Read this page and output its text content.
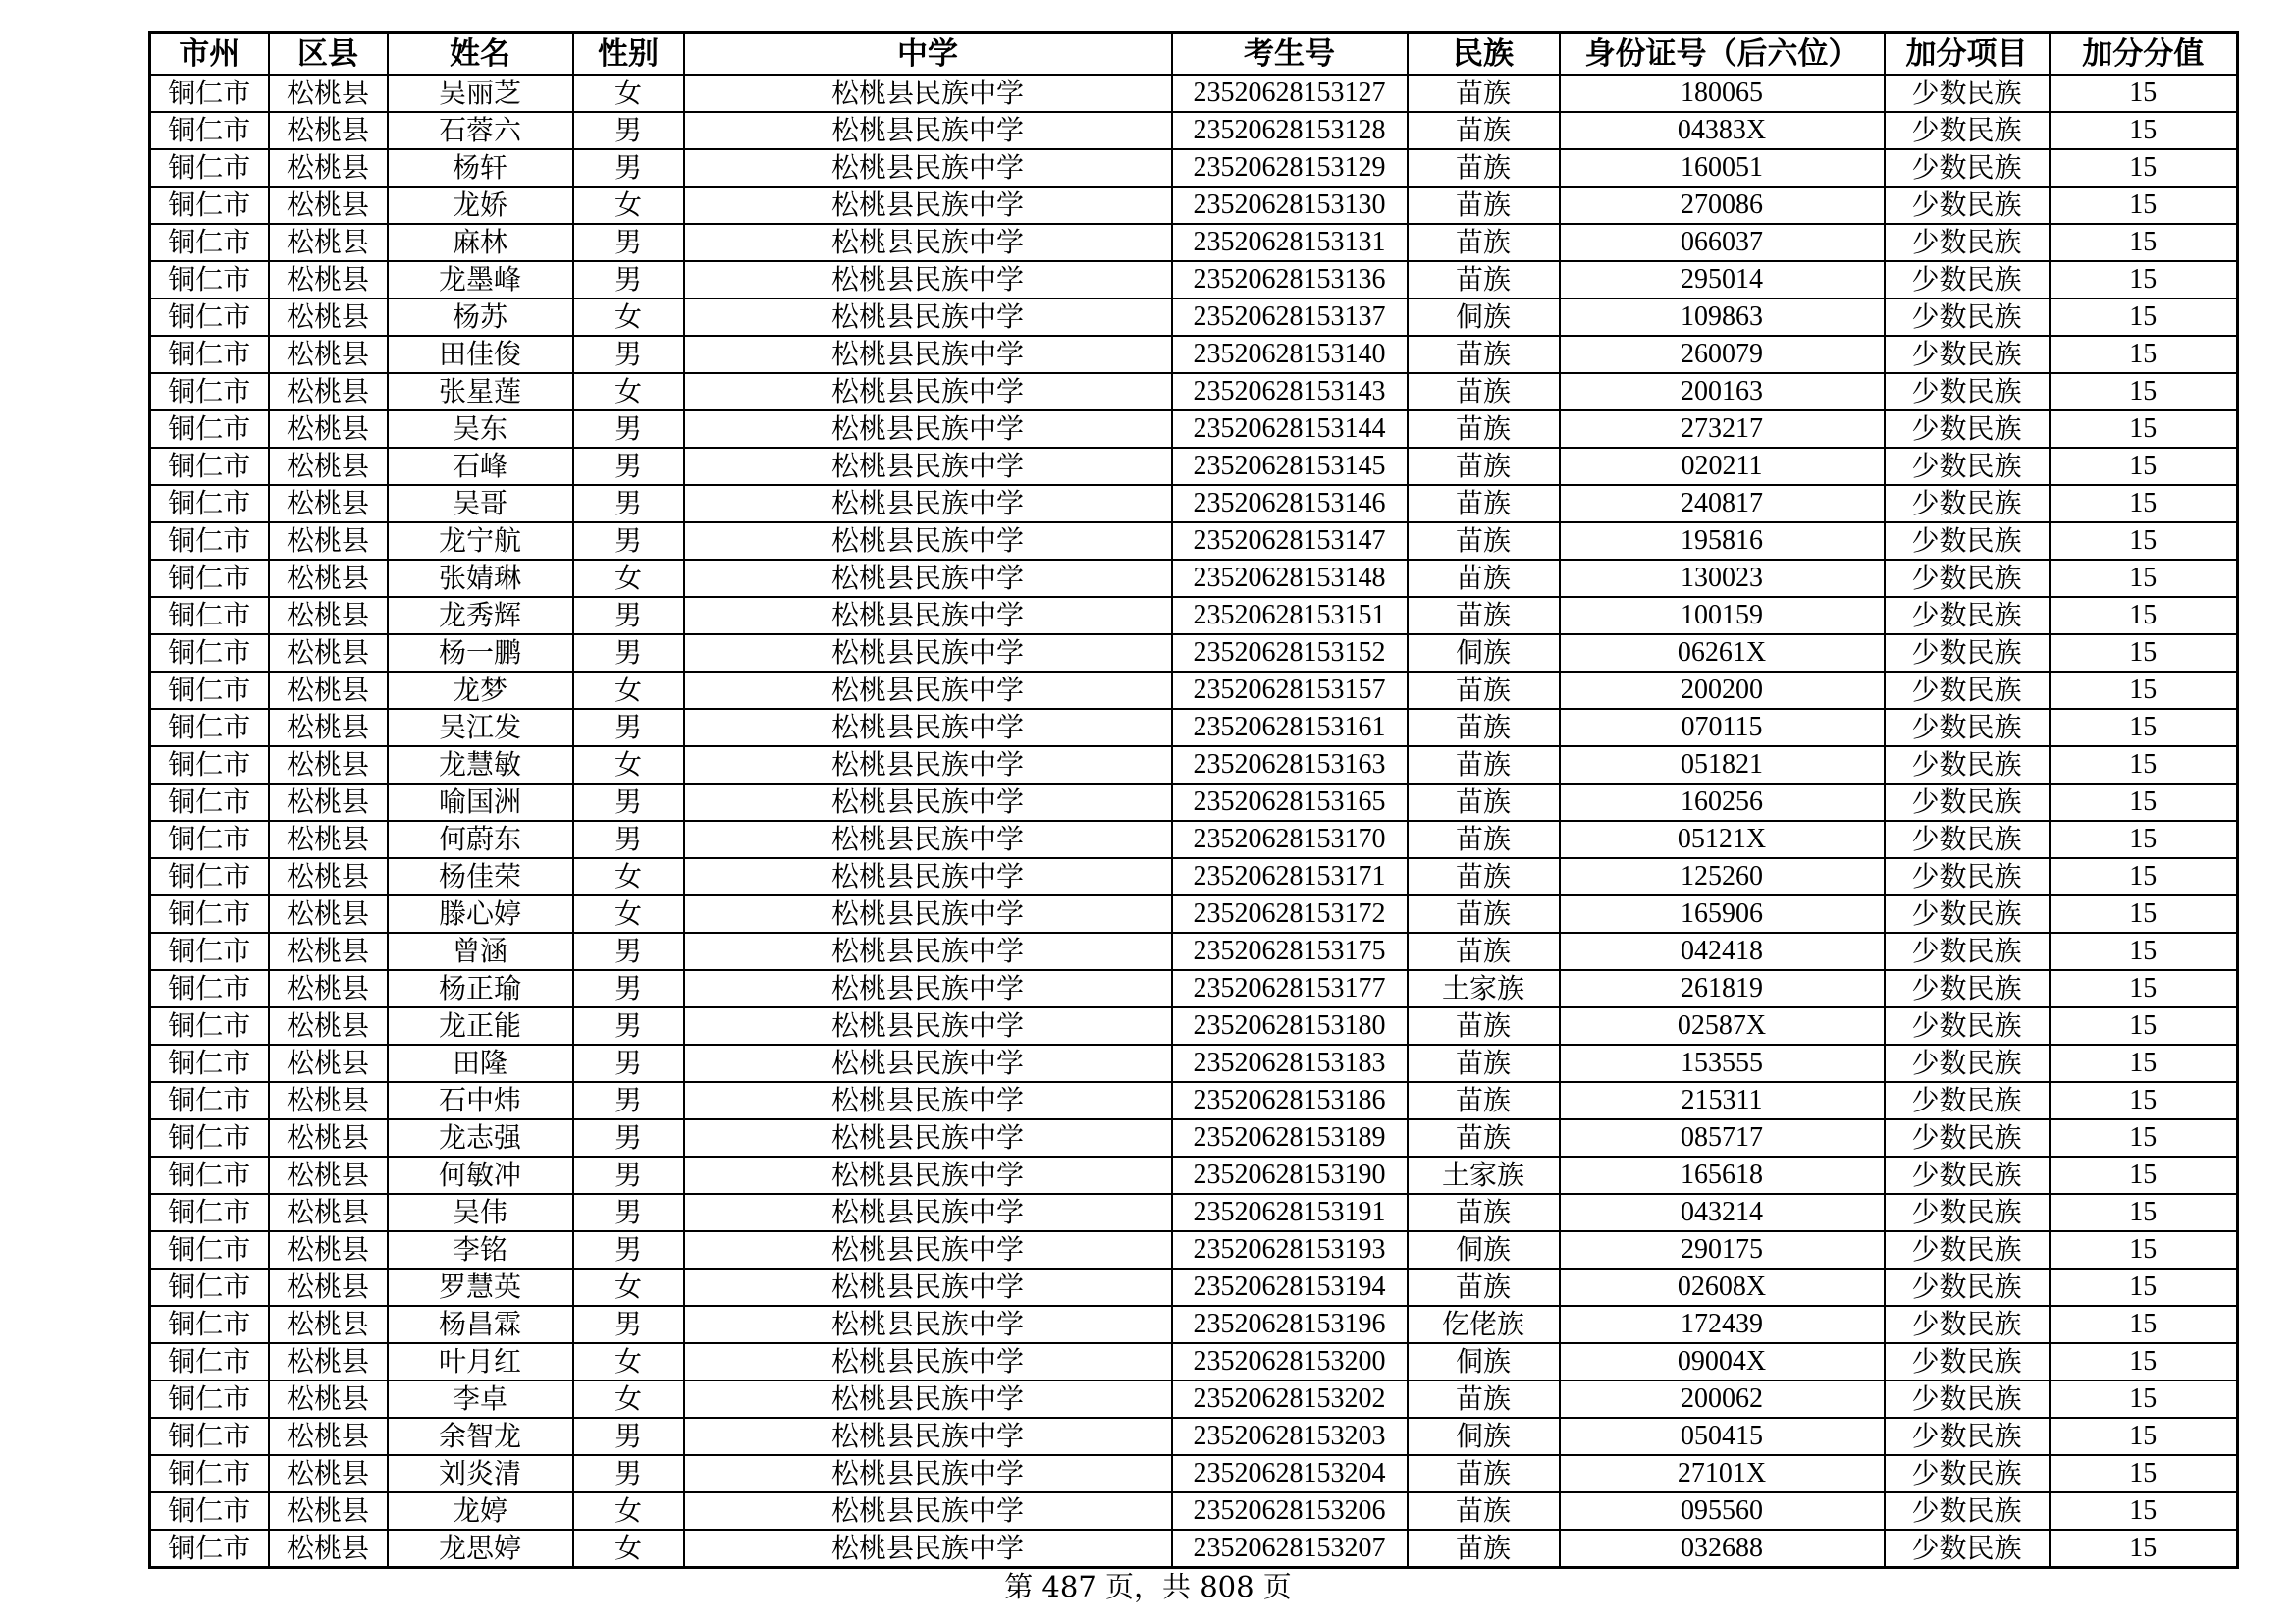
市州	区县	姓名	性别	中学	考生号	民族	身份证号（后六位）	加分项目	加分分值
铜仁市	松桃县	吴丽芝	女	松桃县民族中学	23520628153127	苗族	180065	少数民族	15
铜仁市	松桃县	石蓉六	男	松桃县民族中学	23520628153128	苗族	04383X	少数民族	15
铜仁市	松桃县	杨轩	男	松桃县民族中学	23520628153129	苗族	160051	少数民族	15
铜仁市	松桃县	龙娇	女	松桃县民族中学	23520628153130	苗族	270086	少数民族	15
铜仁市	松桃县	麻林	男	松桃县民族中学	23520628153131	苗族	066037	少数民族	15
铜仁市	松桃县	龙墨峰	男	松桃县民族中学	23520628153136	苗族	295014	少数民族	15
铜仁市	松桃县	杨苏	女	松桃县民族中学	23520628153137	侗族	109863	少数民族	15
铜仁市	松桃县	田佳俊	男	松桃县民族中学	23520628153140	苗族	260079	少数民族	15
铜仁市	松桃县	张星莲	女	松桃县民族中学	23520628153143	苗族	200163	少数民族	15
铜仁市	松桃县	吴东	男	松桃县民族中学	23520628153144	苗族	273217	少数民族	15
铜仁市	松桃县	石峰	男	松桃县民族中学	23520628153145	苗族	020211	少数民族	15
铜仁市	松桃县	吴哥	男	松桃县民族中学	23520628153146	苗族	240817	少数民族	15
铜仁市	松桃县	龙宁航	男	松桃县民族中学	23520628153147	苗族	195816	少数民族	15
铜仁市	松桃县	张婧琳	女	松桃县民族中学	23520628153148	苗族	130023	少数民族	15
铜仁市	松桃县	龙秀辉	男	松桃县民族中学	23520628153151	苗族	100159	少数民族	15
铜仁市	松桃县	杨一鹏	男	松桃县民族中学	23520628153152	侗族	06261X	少数民族	15
铜仁市	松桃县	龙梦	女	松桃县民族中学	23520628153157	苗族	200200	少数民族	15
铜仁市	松桃县	吴江发	男	松桃县民族中学	23520628153161	苗族	070115	少数民族	15
铜仁市	松桃县	龙慧敏	女	松桃县民族中学	23520628153163	苗族	051821	少数民族	15
铜仁市	松桃县	喻国洲	男	松桃县民族中学	23520628153165	苗族	160256	少数民族	15
铜仁市	松桃县	何蔚东	男	松桃县民族中学	23520628153170	苗族	05121X	少数民族	15
铜仁市	松桃县	杨佳荣	女	松桃县民族中学	23520628153171	苗族	125260	少数民族	15
铜仁市	松桃县	滕心婷	女	松桃县民族中学	23520628153172	苗族	165906	少数民族	15
铜仁市	松桃县	曾涵	男	松桃县民族中学	23520628153175	苗族	042418	少数民族	15
铜仁市	松桃县	杨正瑜	男	松桃县民族中学	23520628153177	土家族	261819	少数民族	15
铜仁市	松桃县	龙正能	男	松桃县民族中学	23520628153180	苗族	02587X	少数民族	15
铜仁市	松桃县	田隆	男	松桃县民族中学	23520628153183	苗族	153555	少数民族	15
铜仁市	松桃县	石中炜	男	松桃县民族中学	23520628153186	苗族	215311	少数民族	15
铜仁市	松桃县	龙志强	男	松桃县民族中学	23520628153189	苗族	085717	少数民族	15
铜仁市	松桃县	何敏冲	男	松桃县民族中学	23520628153190	土家族	165618	少数民族	15
铜仁市	松桃县	吴伟	男	松桃县民族中学	23520628153191	苗族	043214	少数民族	15
铜仁市	松桃县	李铭	男	松桃县民族中学	23520628153193	侗族	290175	少数民族	15
铜仁市	松桃县	罗慧英	女	松桃县民族中学	23520628153194	苗族	02608X	少数民族	15
铜仁市	松桃县	杨昌霖	男	松桃县民族中学	23520628153196	仡佬族	172439	少数民族	15
铜仁市	松桃县	叶月红	女	松桃县民族中学	23520628153200	侗族	09004X	少数民族	15
铜仁市	松桃县	李卓	女	松桃县民族中学	23520628153202	苗族	200062	少数民族	15
铜仁市	松桃县	余智龙	男	松桃县民族中学	23520628153203	侗族	050415	少数民族	15
铜仁市	松桃县	刘炎清	男	松桃县民族中学	23520628153204	苗族	27101X	少数民族	15
铜仁市	松桃县	龙婷	女	松桃县民族中学	23520628153206	苗族	095560	少数民族	15
铜仁市	松桃县	龙思婷	女	松桃县民族中学	23520628153207	苗族	032688	少数民族	15
第 487 页，共 808 页
